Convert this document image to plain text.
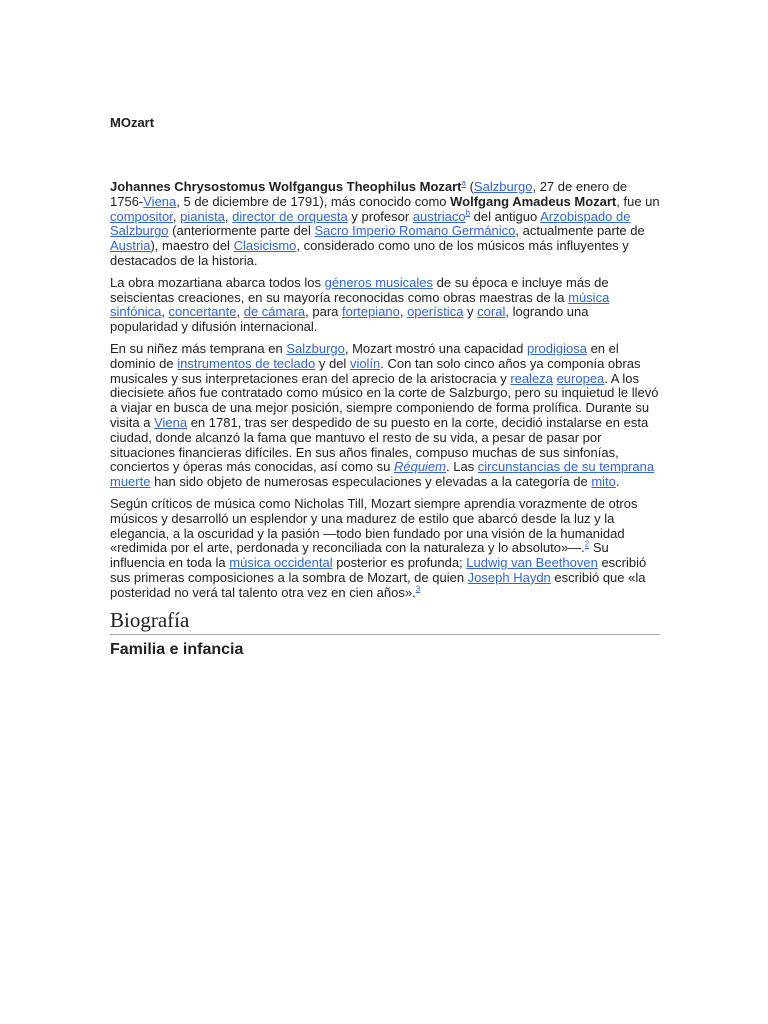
MOzart

Johannes Chrysostomus Wolfgangus Theophilus Mozart$^a$ (Salzburgo, 27 de enero de 1756-Viena, 5 de diciembre de 1791), más conocido como Wolfgang Amadeus Mozart, fue un compositor, pianista, director de orquesta y profesor austriaco$^b$ del antiguo Arzobispado de Salzburgo (anteriormente parte del Sacro Imperio Romano Germánico, actualmente parte de Austria), maestro del Clasicismo, considerado como uno de los músicos más influyentes y destacados de la historia.

La obra mozartiana abarca todos los géneros musicales de su época e incluye más de seiscientas creaciones, en su mayoría reconocidas como obras maestras de la música sinfónica, concertante, de cámara, para fortepiano, operística y coral, logrando una popularidad y difusión internacional.

En su niñez más temprana en Salzburgo, Mozart mostró una capacidad prodigiosa en el dominio de instrumentos de teclado y del violín. Con tan solo cinco años ya componía obras musicales y sus interpretaciones eran del aprecio de la aristocracia y realeza europea. A los diecisiete años fue contratado como músico en la corte de Salzburgo, pero su inquietud le llevó a viajar en busca de una mejor posición, siempre componiendo de forma prolífica. Durante su visita a Viena en 1781, tras ser despedido de su puesto en la corte, decidió instalarse en esta ciudad, donde alcanzó la fama que mantuvo el resto de su vida, a pesar de pasar por situaciones financieras difíciles. En sus años finales, compuso muchas de sus sinfonías, conciertos y óperas más conocidas, así como su Réquiem. Las circunstancias de su temprana muerte han sido objeto de numerosas especulaciones y elevadas a la categoría de mito.

Según críticos de música como Nicholas Till, Mozart siempre aprendía vorazmente de otros músicos y desarrolló un esplendor y una madurez de estilo que abarcó desde la luz y la elegancia, a la oscuridad y la pasión —todo bien fundado por una visión de la humanidad «redimida por el arte, perdonada y reconciliada con la naturaleza y lo absoluto»—.$^2$ Su influencia en toda la música occidental posterior es profunda; Ludwig van Beethoven escribió sus primeras composiciones a la sombra de Mozart, de quien Joseph Haydn escribió que «la posteridad no verá tal talento otra vez en cien años».$^3$

Biografía
Familia e infancia
